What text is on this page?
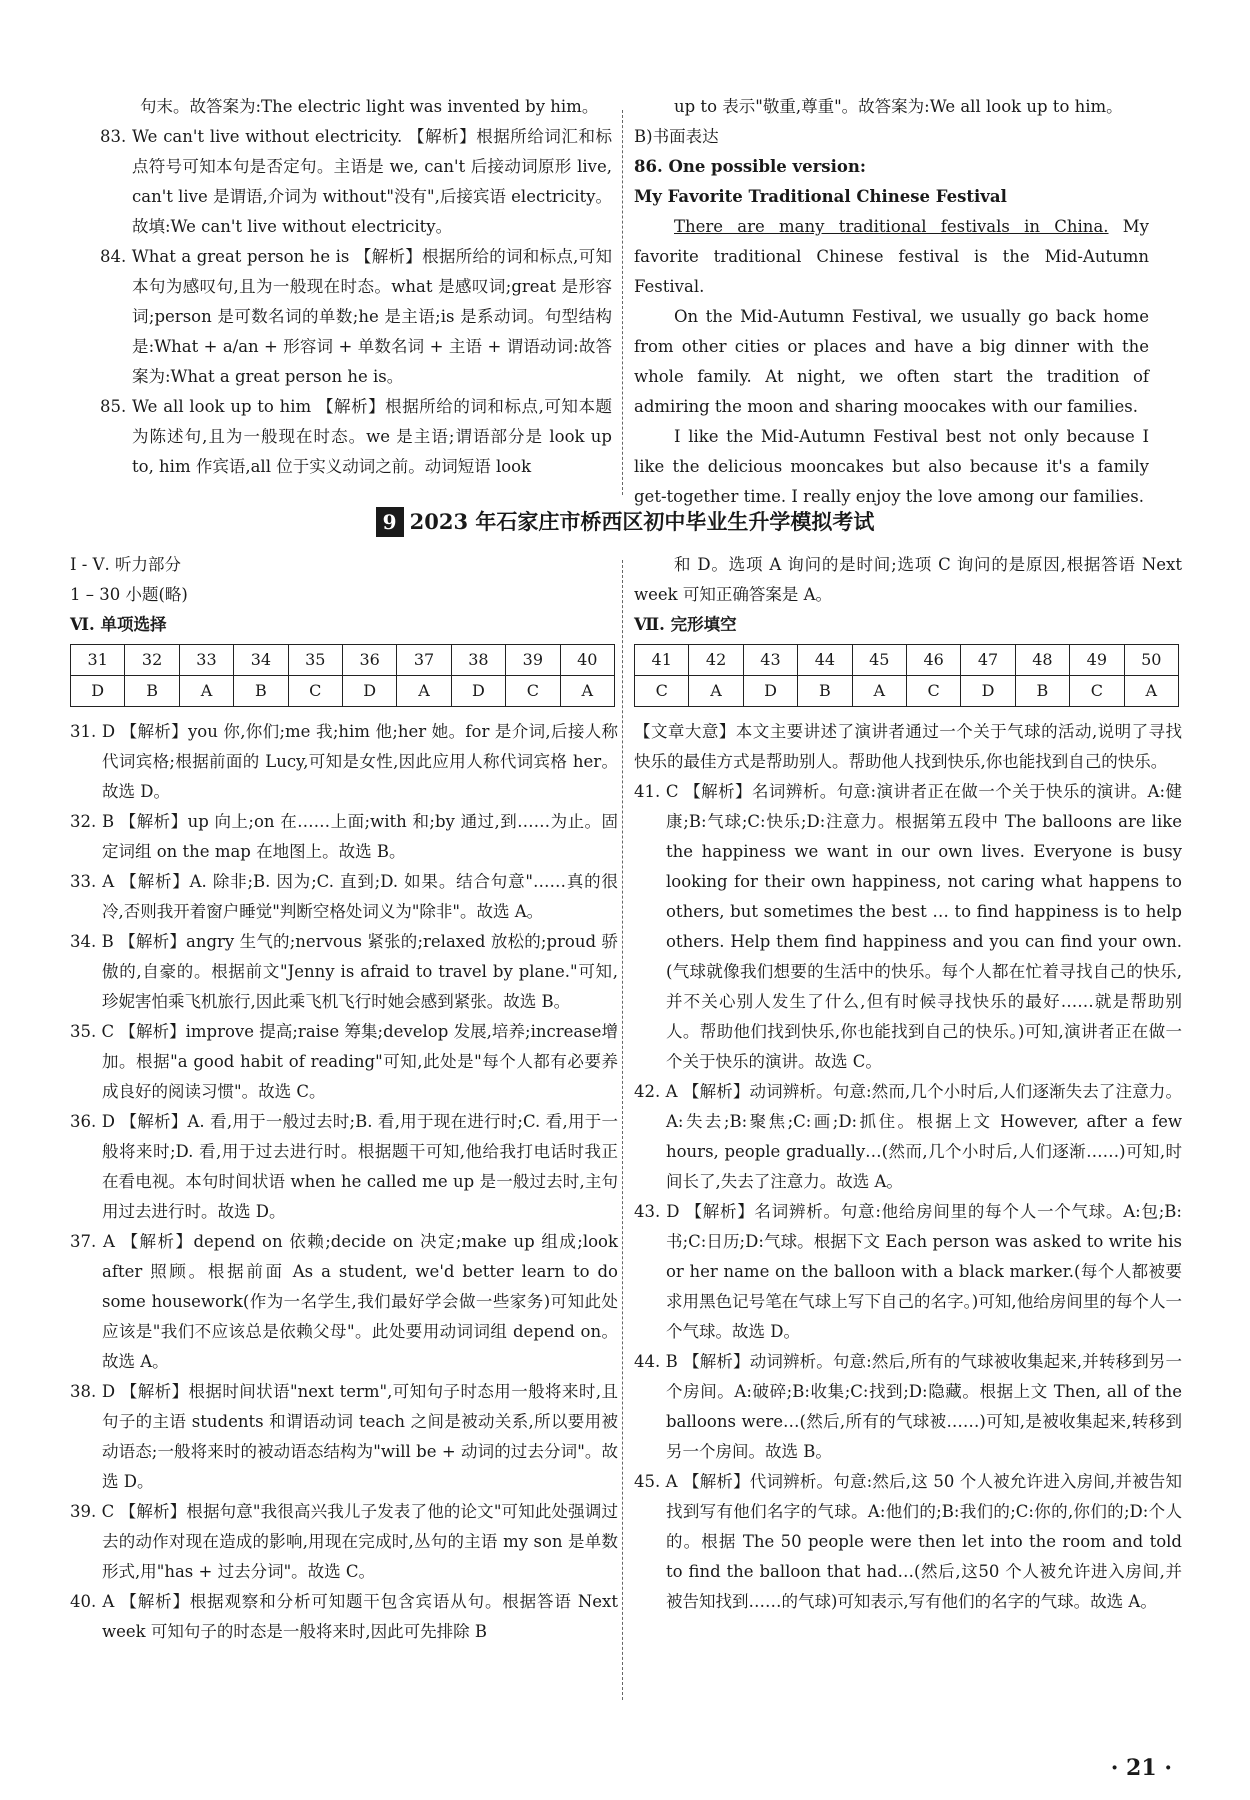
句末。故答案为:The electric light was invented by him。

83. We can't live without electricity. 【解析】根据所给词汇和标点符号可知本句是否定句。主语是 we, can't 后接动词原形 live, can't live 是谓语,介词为 without"没有",后接宾语 electricity。故填:We can't live without electricity。

84. What a great person he is 【解析】根据所给的词和标点,可知本句为感叹句,且为一般现在时态。what 是感叹词;great 是形容词;person 是可数名词的单数;he 是主语;is 是系动词。句型结构是:What + a/an + 形容词 + 单数名词 + 主语 + 谓语动词:故答案为:What a great person he is。

85. We all look up to him 【解析】根据所给的词和标点,可知本题为陈述句,且为一般现在时态。we 是主语;谓语部分是 look up to, him 作宾语,all 位于实义动词之前。动词短语 look

up to 表示"敬重,尊重"。故答案为:We all look up to him。

B)书面表达

86. One possible version:

My Favorite Traditional Chinese Festival

There are many traditional festivals in China. My favorite traditional Chinese festival is the Mid-Autumn Festival.

On the Mid-Autumn Festival, we usually go back home from other cities or places and have a big dinner with the whole family. At night, we often start the tradition of admiring the moon and sharing moocakes with our families.

I like the Mid-Autumn Festival best not only because I like the delicious mooncakes but also because it's a family get-together time. I really enjoy the love among our families.

9 2023 年石家庄市桥西区初中毕业生升学模拟考试

Ⅰ - Ⅴ. 听力部分

1 – 30 小题(略)

Ⅵ. 单项选择

31	32	33	34	35	36	37	38	39	40
D	B	A	B	C	D	A	D	C	A

31. D 【解析】you 你,你们;me 我;him 他;her 她。for 是介词,后接人称代词宾格;根据前面的 Lucy,可知是女性,因此应用人称代词宾格 her。故选 D。

32. B 【解析】up 向上;on 在……上面;with 和;by 通过,到……为止。固定词组 on the map 在地图上。故选 B。

33. A 【解析】A. 除非;B. 因为;C. 直到;D. 如果。结合句意"……真的很冷,否则我开着窗户睡觉"判断空格处词义为"除非"。故选 A。

34. B 【解析】angry 生气的;nervous 紧张的;relaxed 放松的;proud 骄傲的,自豪的。根据前文"Jenny is afraid to travel by plane."可知,珍妮害怕乘飞机旅行,因此乘飞机飞行时她会感到紧张。故选 B。

35. C 【解析】improve 提高;raise 筹集;develop 发展,培养;increase增加。根据"a good habit of reading"可知,此处是"每个人都有必要养成良好的阅读习惯"。故选 C。

36. D 【解析】A. 看,用于一般过去时;B. 看,用于现在进行时;C. 看,用于一般将来时;D. 看,用于过去进行时。根据题干可知,他给我打电话时我正在看电视。本句时间状语 when he called me up 是一般过去时,主句用过去进行时。故选 D。

37. A 【解析】depend on 依赖;decide on 决定;make up 组成;look after 照顾。根据前面 As a student, we'd better learn to do some housework(作为一名学生,我们最好学会做一些家务)可知此处应该是"我们不应该总是依赖父母"。此处要用动词词组 depend on。故选 A。

38. D 【解析】根据时间状语"next term",可知句子时态用一般将来时,且句子的主语 students 和谓语动词 teach 之间是被动关系,所以要用被动语态;一般将来时的被动语态结构为"will be + 动词的过去分词"。故选 D。

39. C 【解析】根据句意"我很高兴我儿子发表了他的论文"可知此处强调过去的动作对现在造成的影响,用现在完成时,丛句的主语 my son 是单数形式,用"has + 过去分词"。故选 C。

40. A 【解析】根据观察和分析可知题干包含宾语从句。根据答语 Next week 可知句子的时态是一般将来时,因此可先排除 B

和 D。选项 A 询问的是时间;选项 C 询问的是原因,根据答语 Next week 可知正确答案是 A。

Ⅶ. 完形填空

41	42	43	44	45	46	47	48	49	50
C	A	D	B	A	C	D	B	C	A

【文章大意】本文主要讲述了演讲者通过一个关于气球的活动,说明了寻找快乐的最佳方式是帮助别人。帮助他人找到快乐,你也能找到自己的快乐。

41. C 【解析】名词辨析。句意:演讲者正在做一个关于快乐的演讲。A:健康;B:气球;C:快乐;D:注意力。根据第五段中 The balloons are like the happiness we want in our own lives. Everyone is busy looking for their own happiness, not caring what happens to others, but sometimes the best … to find happiness is to help others. Help them find happiness and you can find your own.(气球就像我们想要的生活中的快乐。每个人都在忙着寻找自己的快乐,并不关心别人发生了什么,但有时候寻找快乐的最好……就是帮助别人。帮助他们找到快乐,你也能找到自己的快乐。)可知,演讲者正在做一个关于快乐的演讲。故选 C。

42. A 【解析】动词辨析。句意:然而,几个小时后,人们逐渐失去了注意力。A:失去;B:聚焦;C:画;D:抓住。根据上文 However, after a few hours, people gradually…(然而,几个小时后,人们逐渐……)可知,时间长了,失去了注意力。故选 A。

43. D 【解析】名词辨析。句意:他给房间里的每个人一个气球。A:包;B:书;C:日历;D:气球。根据下文 Each person was asked to write his or her name on the balloon with a black marker.(每个人都被要求用黑色记号笔在气球上写下自己的名字。)可知,他给房间里的每个人一个气球。故选 D。

44. B 【解析】动词辨析。句意:然后,所有的气球被收集起来,并转移到另一个房间。A:破碎;B:收集;C:找到;D:隐藏。根据上文 Then, all of the balloons were…(然后,所有的气球被……)可知,是被收集起来,转移到另一个房间。故选 B。

45. A 【解析】代词辨析。句意:然后,这 50 个人被允许进入房间,并被告知找到写有他们名字的气球。A:他们的;B:我们的;C:你的,你们的;D:个人的。根据 The 50 people were then let into the room and told to find the balloon that had…(然后,这50 个人被允许进入房间,并被告知找到……的气球)可知表示,写有他们的名字的气球。故选 A。

· 21 ·
